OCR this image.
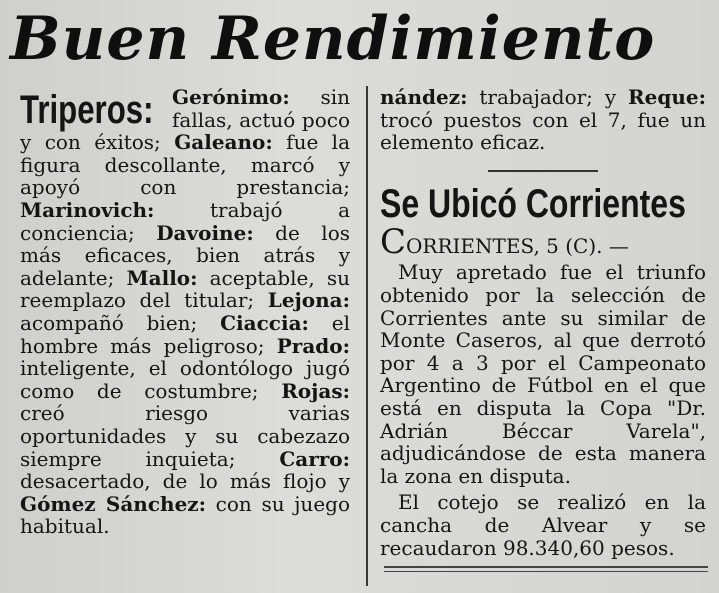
Buen Rendimiento
Triperos: Gerónimo: sin fallas, actuó poco y con éxitos; Galeano: fue la figura descollante, marcó y apoyó con prestancia; Marinovich: trabajó a conciencia; Davoine: de los más eficaces, bien atrás y adelante; Mallo: aceptable, su reemplazo del titular; Lejona: acompañó bien; Ciaccia: el hombre más peligroso; Prado: inteligente, el odontólogo jugó como de costumbre; Rojas: creó riesgo varias oportunidades y su cabezazo siempre inquieta; Carro: desacertado, de lo más flojo y Gómez Sánchez: con su juego habitual.
nández: trabajador; y Reque: trocó puestos con el 7, fue un elemento eficaz.
Se Ubicó Corrientes
CORRIENTES, 5 (C). —
Muy apretado fue el triunfo obtenido por la selección de Corrientes ante su similar de Monte Caseros, al que derrotó por 4 a 3 por el Campeonato Argentino de Fútbol en el que está en disputa la Copa "Dr. Adrián Béccar Varela", adjudicándose de esta manera la zona en disputa.
El cotejo se realizó en la cancha de Alvear y se recaudaron 98.340,60 pesos.
